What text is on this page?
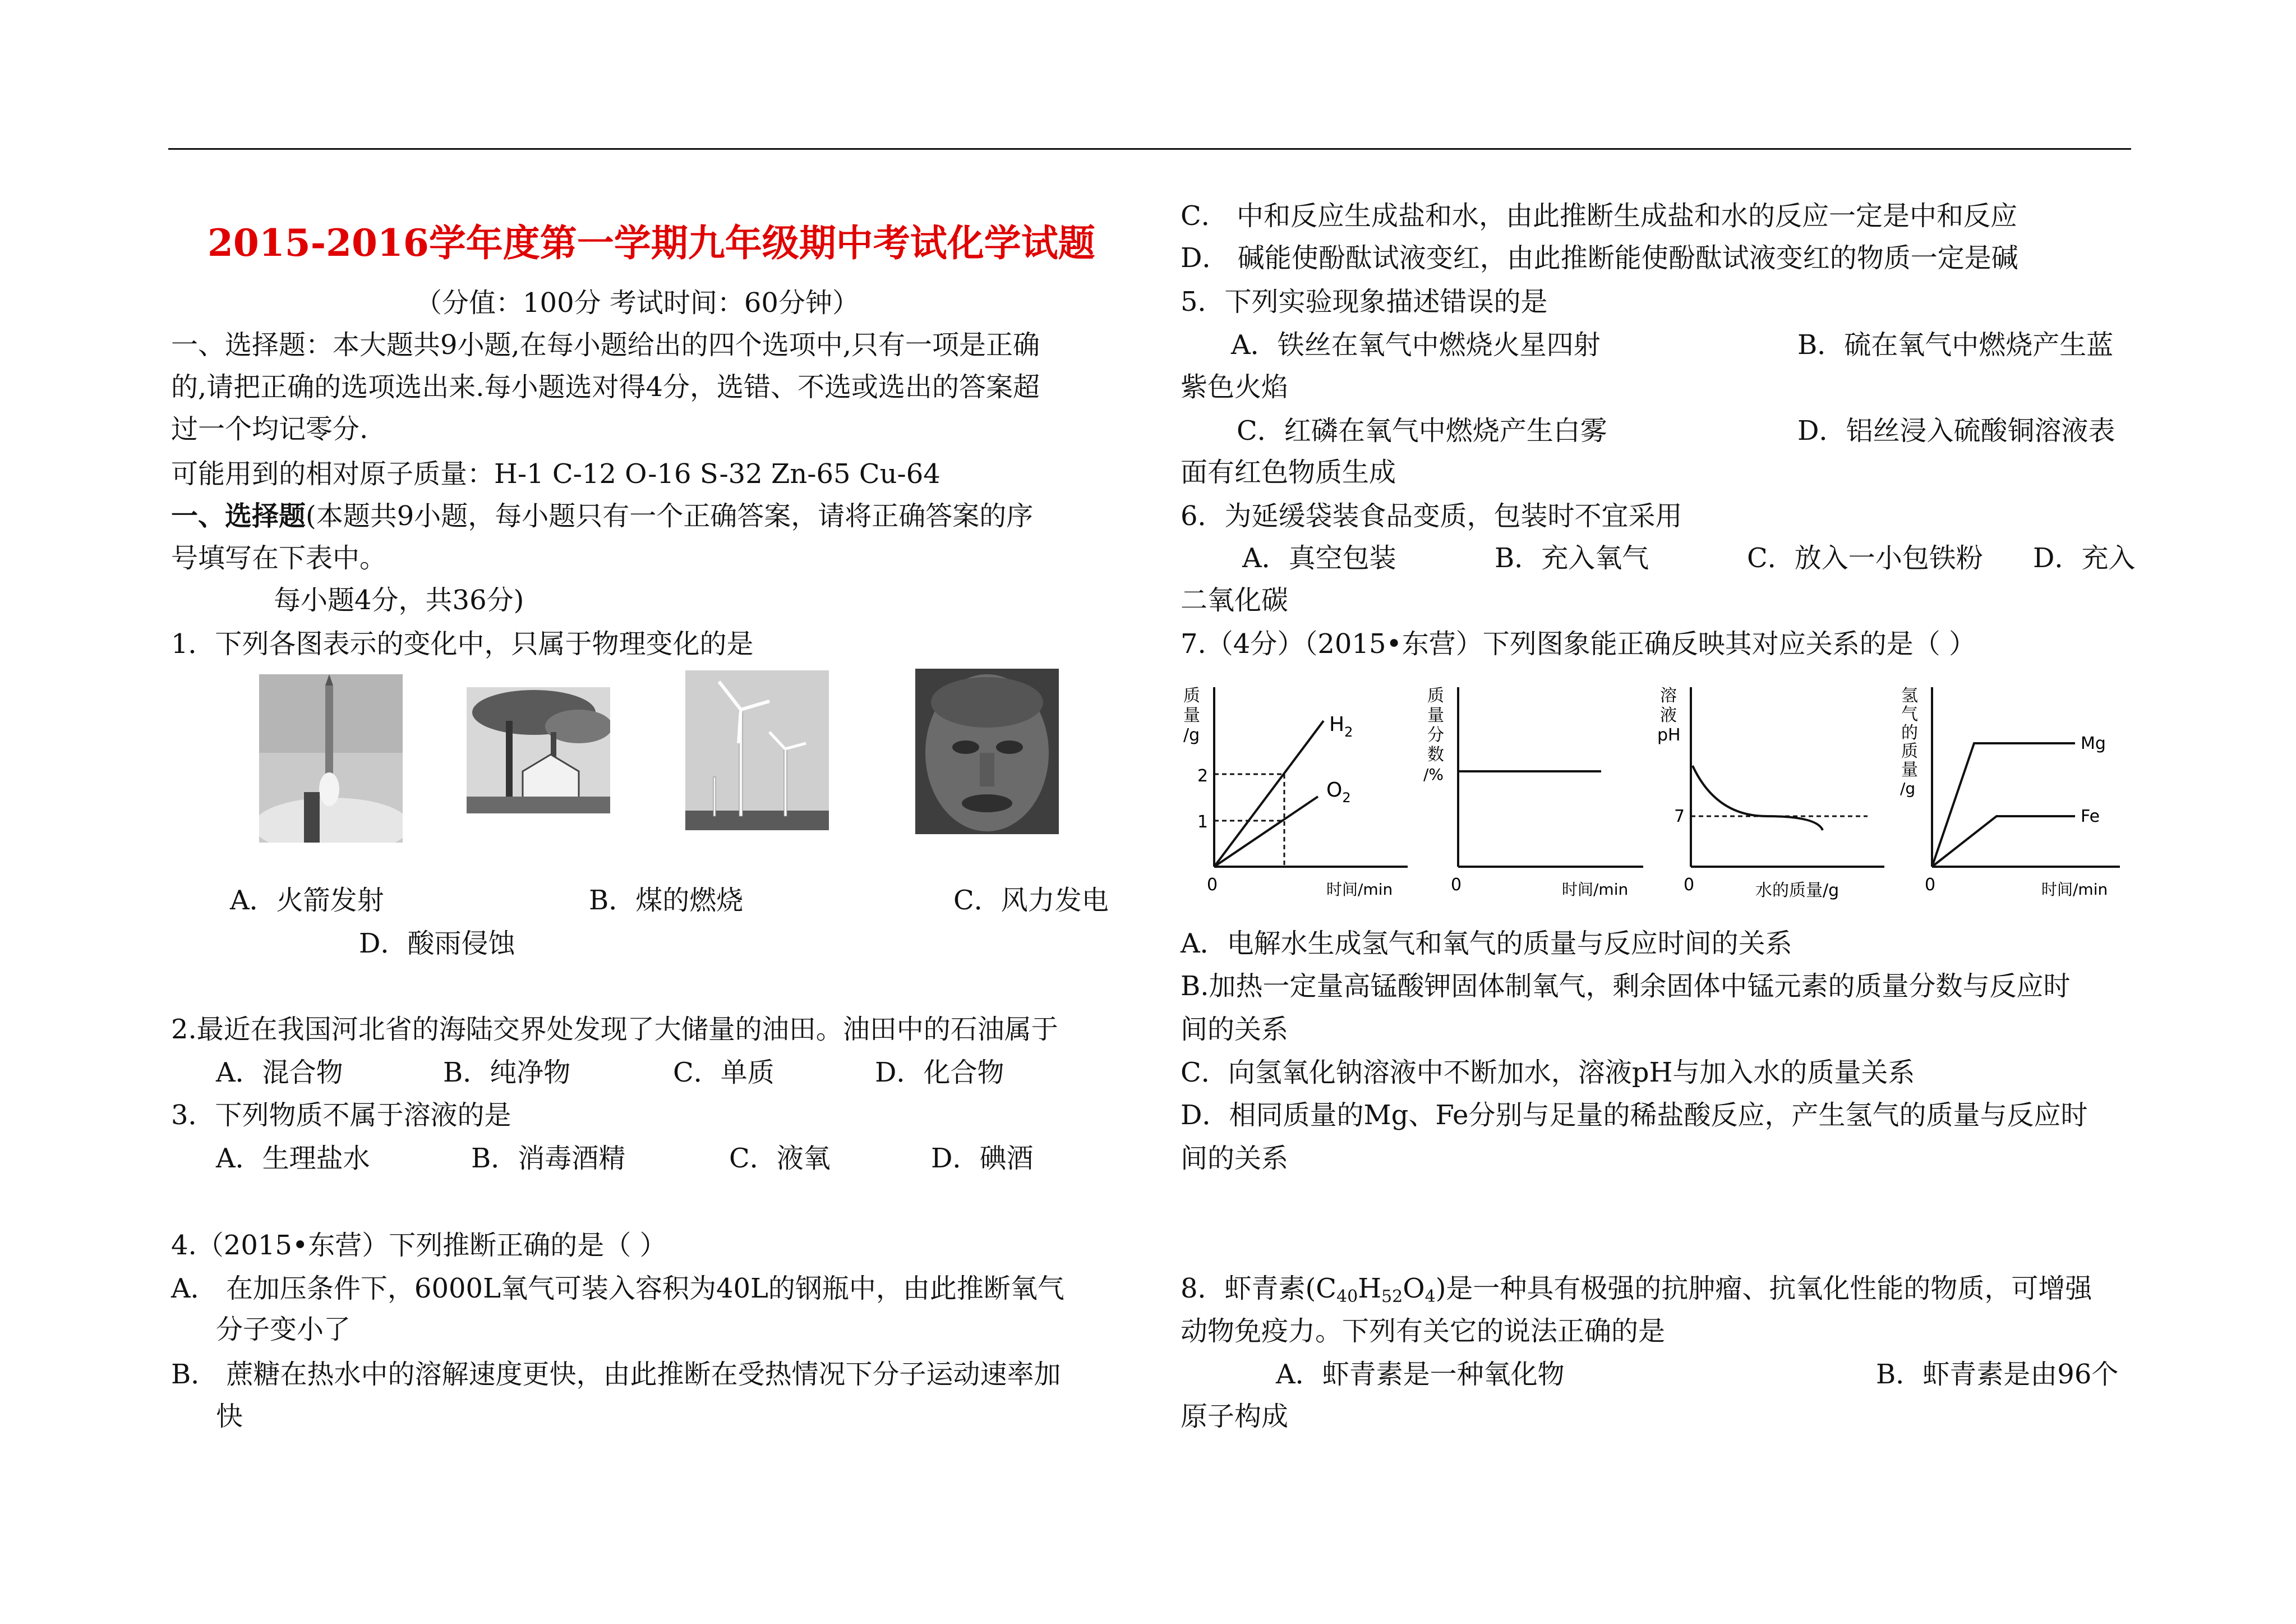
2015-2016学年度第一学期九年级期中考试化学试题
（分值：100分 考试时间：60分钟）
一、选择题：本大题共9小题,在每小题给出的四个选项中,只有一项是正确
的,请把正确的选项选出来.每小题选对得4分，选错、不选或选出的答案超
过一个均记零分.
可能用到的相对原子质量：H-1 C-12 O-16 S-32 Zn-65 Cu-64
一、选择题(本题共9小题，每小题只有一个正确答案，请将正确答案的序
号填写在下表中。
每小题4分，共36分)
1．下列各图表示的变化中，只属于物理变化的是
A．火箭发射	B．煤的燃烧	C．风力发电
D．酸雨侵蚀
2.最近在我国河北省的海陆交界处发现了大储量的油田。油田中的石油属于
A．混合物	B．纯净物	C．单质	D．化合物
3．下列物质不属于溶液的是
A．生理盐水	B．消毒酒精	C．液氧	D．碘酒
4.（2015•东营）下列推断正确的是（ ）
A． 在加压条件下，6000L氧气可装入容积为40L的钢瓶中，由此推断氧气
分子变小了
B． 蔗糖在热水中的溶解速度更快，由此推断在受热情况下分子运动速率加
快
C． 中和反应生成盐和水，由此推断生成盐和水的反应一定是中和反应
D． 碱能使酚酞试液变红，由此推断能使酚酞试液变红的物质一定是碱
5．下列实验现象描述错误的是
A．铁丝在氧气中燃烧火星四射	B．硫在氧气中燃烧产生蓝
紫色火焰
C．红磷在氧气中燃烧产生白雾	D．铝丝浸入硫酸铜溶液表
面有红色物质生成
6．为延缓袋装食品变质，包装时不宜采用
A．真空包装	B．充入氧气	C．放入一小包铁粉 D．充入
二氧化碳
7.（4分）（2015•东营）下列图象能正确反映其对应关系的是（ ）
质
量
/g
2
1
0	时间/min
$H_2$
$O_2$
质
量
分
数
/%
0	时间/min
溶
液
pH
7
0	水的质量/g
氢
气
的
质
量
/g
Mg
Fe
0	时间/min
A．电解水生成氢气和氧气的质量与反应时间的关系
B.加热一定量高锰酸钾固体制氧气，剩余固体中锰元素的质量分数与反应时
间的关系
C．向氢氧化钠溶液中不断加水，溶液pH与加入水的质量关系
D．相同质量的Mg、Fe分别与足量的稀盐酸反应，产生氢气的质量与反应时
间的关系
8．虾青素$(C_{40}H_{52}O_4)$是一种具有极强的抗肿瘤、抗氧化性能的物质，可增强
动物免疫力。下列有关它的说法正确的是
A．虾青素是一种氧化物	B．虾青素是由96个
原子构成
